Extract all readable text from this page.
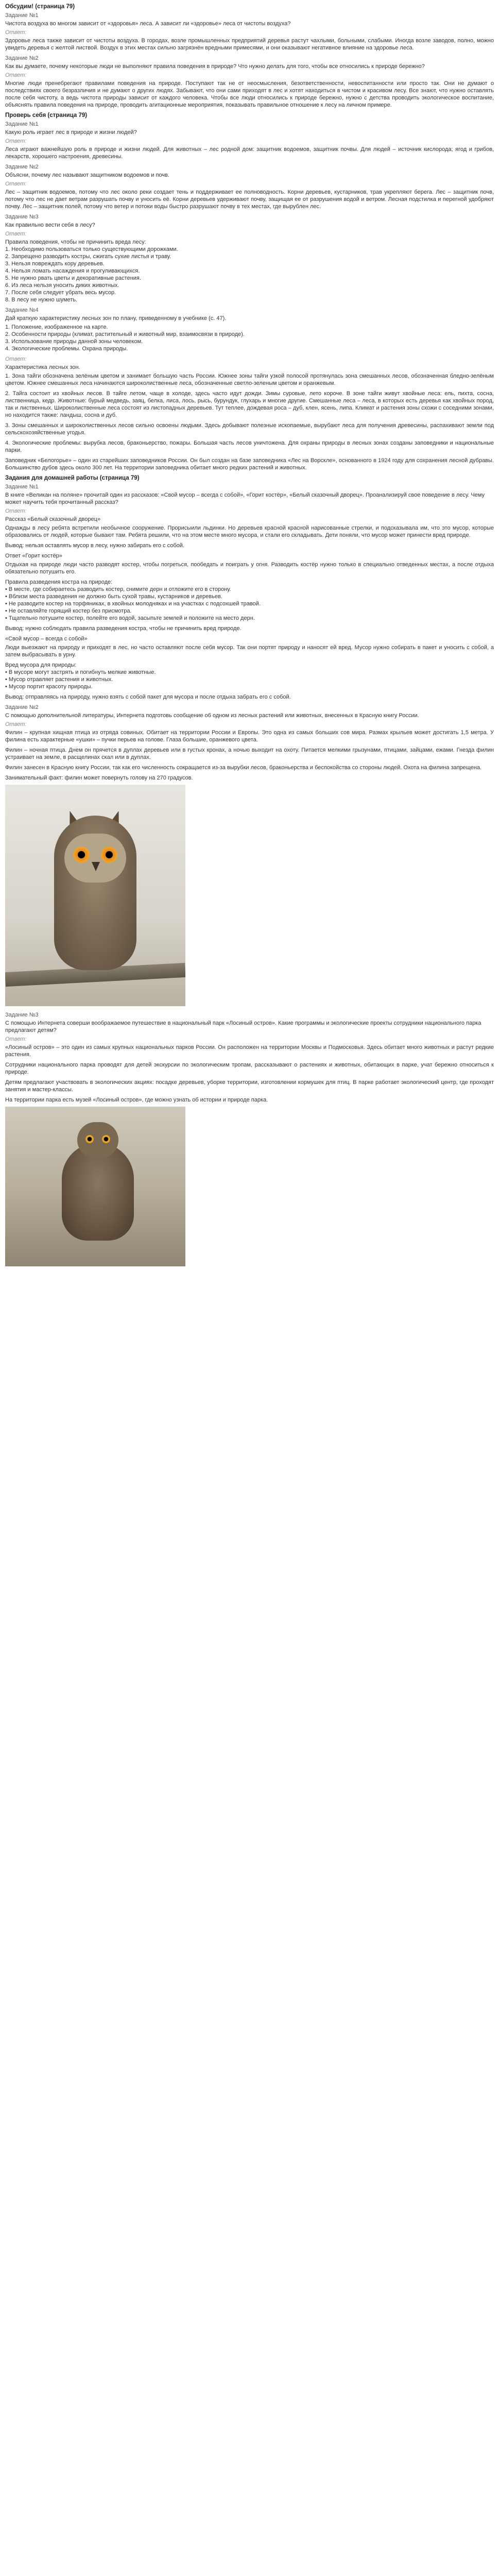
Обсудим! (страница 79)
Задание №1
Чистота воздуха во многом зависит от «здоровья» леса. А зависит ли «здоровье» леса от чистоты воздуха?
Ответ:
Здоровье леса также зависит от чистоты воздуха. В городах, возле промышленных предприятий деревья растут чахлыми, больными, слабыми. Иногда возле заводов, полно, можно увидеть деревья с желтой листвой. Воздух в этих местах сильно загрязнён вредными примесями, и они оказывают негативное влияние на здоровье леса.
Задание №2
Как вы думаете, почему некоторые люди не выполняют правила поведения в природе? Что нужно делать для того, чтобы все относились к природе бережно?
Ответ:
Многие люди пренебрегают правилами поведения на природе. Поступают так не от неосмысления, безответственности, невоспитанности или просто так. Они не думают о последствиях своего безразличия и не думают о других людях. Забывают, что они сами приходят в лес и хотят находиться в чистом и красивом лесу. Все знают, что нужно оставлять после себя чистоту, а ведь чистота природы зависит от каждого человека. Чтобы все люди относились к природе бережно, нужно с детства проводить экологическое воспитание, объяснять правила поведения на природе, проводить агитационные мероприятия, показывать правильное отношение к лесу на личном примере.
Проверь себя (страница 79)
Задание №1
Какую роль играет лес в природе и жизни людей?
Ответ:
Леса играют важнейшую роль в природе и жизни людей. Для животных – лес родной дом: защитник водоемов, защитник почвы. Для людей – источник кислорода; ягод и грибов, лекарств, хорошего настроения, древесины.
Задание №2
Объясни, почему лес называют защитником водоемов и почв.
Ответ:
Лес – защитник водоемов, потому что лес около реки создает тень и поддерживает ее полноводность. Корни деревьев, кустарников, трав укрепляют берега. Лес – защитник почв, потому что лес не дает ветрам разрушать почву и уносить её. Корни деревьев удерживают почву, защищая ее от разрушения водой и ветром. Лесная подстилка и перегной удобряют почву. Лес – защитник полей, потому что ветер и потоки воды быстро разрушают почву в тех местах, где вырублен лес.
Задание №3
Как правильно вести себя в лесу?
Ответ:
Правила поведения, чтобы не причинить вреда лесу:
1. Необходимо пользоваться только существующими дорожками.
2. Запрещено разводить костры, сжигать сухие листья и траву.
3. Нельзя повреждать кору деревьев.
4. Нельзя ломать насаждения и прогуливающихся.
5. Не нужно рвать цветы и декоративные растения.
6. Из леса нельзя уносить диких животных.
7. После себя следует убрать весь мусор.
8. В лесу не нужно шуметь.
Задание №4
Дай краткую характеристику лесных зон по плану, приведенному в учебнике (с. 47).
1. Положение, изображенное на карте.
2. Особенности природы (климат, растительный и животный мир, взаимосвязи в природе).
3. Использование природы данной зоны человеком.
4. Экологические проблемы. Охрана природы.
Ответ:
Характеристика лесных зон.
1. Зона тайги обозначена зелёным цветом и занимает большую часть России. Южнее зоны тайги узкой полосой протянулась зона смешанных лесов, обозначенная бледно-зелёным цветом. Южнее смешанных леса начинаются широколиственные леса, обозначенные светло-зеленым цветом и оранжевым.
2. Тайга состоит из хвойных лесов. В тайге летом, чаще в холоде, здесь часто идут дожди. Зимы суровые, лето короче. В зоне тайги живут хвойные леса: ель, пихта, сосна, лиственница, кедр. Животные: бурый медведь, заяц, белка, лиса, лось, рысь, бурундук, глухарь и многие другие. Смешанные леса – леса, в которых есть деревья как хвойных пород, так и лиственных. Широколиственные леса состоят из листопадных деревьев. Тут теплее, дождевая роса – дуб, клен, ясень, липа. Климат и растения зоны схожи с соседними зонами, но находится также: ландыш, сосна и дуб.
3. Зоны смешанных и широколиственных лесов сильно освоены людьми. Здесь добывают полезные ископаемые, вырубают леса для получения древесины, распахивают земли под сельскохозяйственные угодья.
4. Экологические проблемы: вырубка лесов, браконьерство, пожары. Большая часть лесов уничтожена. Для охраны природы в лесных зонах созданы заповедники и национальные парки.
Заповедник «Белогорье» – один из старейших заповедников России. Он был создан на базе заповедника «Лес на Ворскле», основанного в 1924 году для сохранения лесной дубравы. Большинство дубов здесь около 300 лет. На территории заповедника обитает много редких растений и животных.
Задания для домашней работы (страница 79)
Задание №1
В книге «Великан на поляне» прочитай один из рассказов: «Свой мусор – всегда с собой», «Горит костёр», «Белый сказочный дворец». Проанализируй свое поведение в лесу. Чему может научить тебя прочитанный рассказ?
Ответ:
Рассказ «Белый сказочный дворец»
Однажды в лесу ребята встретили необычное сооружение. Прорисыили льдинки. Но деревьев красной красной нарисованные стрелки, и подсказывала им, что это мусор, которые образовались от людей, которые бывают там. Ребята решили, что на этом месте много мусора, и стали его складывать. Дети поняли, что мусор может принести вред природе.
Вывод: нельзя оставлять мусор в лесу, нужно забирать его с собой.
Ответ «Горит костёр»
Отдыхая на природе люди часто разводят костер, чтобы погреться, пообедать и поиграть у огня. Разводить костёр нужно только в специально отведенных местах, а после отдыха обязательно потушить его.
Правила разведения костра на природе:
• В месте, где собираетесь разводить костер, снимите дерн и отложите его в сторону.
• Вблизи места разведения не должно быть сухой травы, кустарников и деревьев.
• Не разводите костер на торфяниках, в хвойных молодняках и на участках с подсохшей травой.
• Не оставляйте горящий костер без присмотра.
• Тщательно потушите костер, полейте его водой, засыпьте землей и положите на место дерн.
Вывод: нужно соблюдать правила разведения костра, чтобы не причинить вред природе.
«Свой мусор – всегда с собой»
Люди выезжают на природу и приходят в лес, но часто оставляют после себя мусор. Так они портят природу и наносят ей вред. Мусор нужно собирать в пакет и уносить с собой, а затем выбрасывать в урну.
Вред мусора для природы:
• В мусоре могут застрять и погибнуть мелкие животные.
• Мусор отравляет растения и животных.
• Мусор портит красоту природы.
Вывод: отправляясь на природу, нужно взять с собой пакет для мусора и после отдыха забрать его с собой.
Задание №2
С помощью дополнительной литературы, Интернета подготовь сообщение об одном из лесных растений или животных, внесенных в Красную книгу России.
Ответ:
Филин – крупная хищная птица из отряда совиных. Обитает на территории России и Европы. Это одна из самых больших сов мира. Размах крыльев может достигать 1,5 метра. У филина есть характерные «ушки» – пучки перьев на голове. Глаза большие, оранжевого цвета.
Филин – ночная птица. Днем он прячется в дуплах деревьев или в густых кронах, а ночью выходит на охоту. Питается мелкими грызунами, птицами, зайцами, ежами. Гнезда филин устраивает на земле, в расщелинах скал или в дуплах.
Филин занесен в Красную книгу России, так как его численность сокращается из-за вырубки лесов, браконьерства и беспокойства со стороны людей. Охота на филина запрещена.
Занимательный факт: филин может повернуть голову на 270 градусов.
Задание №3
С помощью Интернета соверши воображаемое путешествие в национальный парк «Лосиный остров». Какие программы и экологические проекты сотрудники национального парка предлагают детям?
Ответ:
«Лосиный остров» – это один из самых крупных национальных парков России. Он расположен на территории Москвы и Подмосковья. Здесь обитает много животных и растут редкие растения.
Сотрудники национального парка проводят для детей экскурсии по экологическим тропам, рассказывают о растениях и животных, обитающих в парке, учат бережно относиться к природе.
Детям предлагают участвовать в экологических акциях: посадке деревьев, уборке территории, изготовлении кормушек для птиц. В парке работает экологический центр, где проходят занятия и мастер-классы.
На территории парка есть музей «Лосиный остров», где можно узнать об истории и природе парка.
